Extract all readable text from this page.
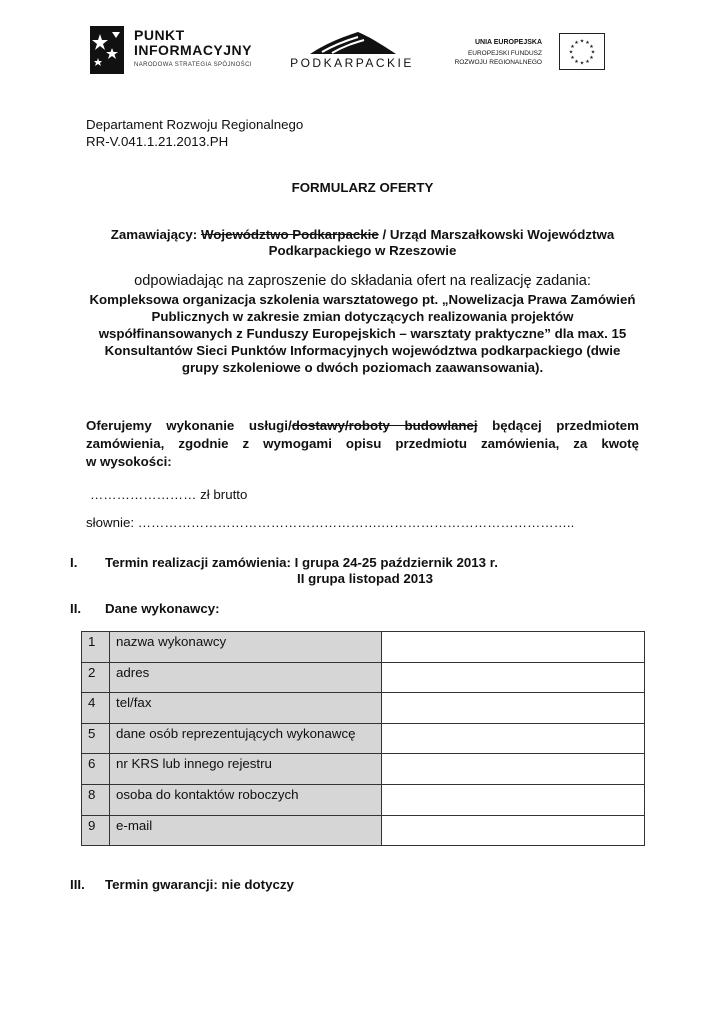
PUNKT
INFORMACYJNY
NARODOWA STRATEGIA SPÓJNOŚCI	PODKARPACKIE
UNIA EUROPEJSKA
EUROPEJSKI FUNDUSZ
ROZWOJU REGIONALNEGO
★ ★
★
★
★
★
★
★
★
★
★
★
Departament Rozwoju Regionalnego
RR-V.041.1.21.2013.PH
FORMULARZ OFERTY
Zamawiający: Województwo Podkarpackie / Urząd Marszałkowski Województwa
Podkarpackiego w Rzeszowie
odpowiadając na zaproszenie do składania ofert na realizację zadania:
Kompleksowa organizacja szkolenia warsztatowego pt. „Nowelizacja Prawa Zamówień
Publicznych w zakresie zmian dotyczących realizowania projektów
współfinansowanych z Funduszy Europejskich – warsztaty praktyczne” dla max. 15
Konsultantów Sieci Punktów Informacyjnych województwa podkarpackiego (dwie
grupy szkoleniowe o dwóch poziomach zaawansowania).
Oferujemy wykonanie usługi/dostawy/roboty budowlanej będącej przedmiotem
zamówienia, zgodnie z wymogami opisu przedmiotu zamówienia, za kwotę
w wysokości:
…………………… zł brutto
słownie: ……………………………………………….……………………………………..
I. Termin realizacji zamówienia: I grupa 24-25 październik 2013 r.
II grupa listopad 2013
II. Dane wykonawcy:
1	nazwa wykonawcy	
2	adres	
4	tel/fax	
5	dane osób reprezentujących wykonawcę	
6	nr KRS lub innego rejestru	
8	osoba do kontaktów roboczych	
9	e-mail	
III. Termin gwarancji: nie dotyczy
